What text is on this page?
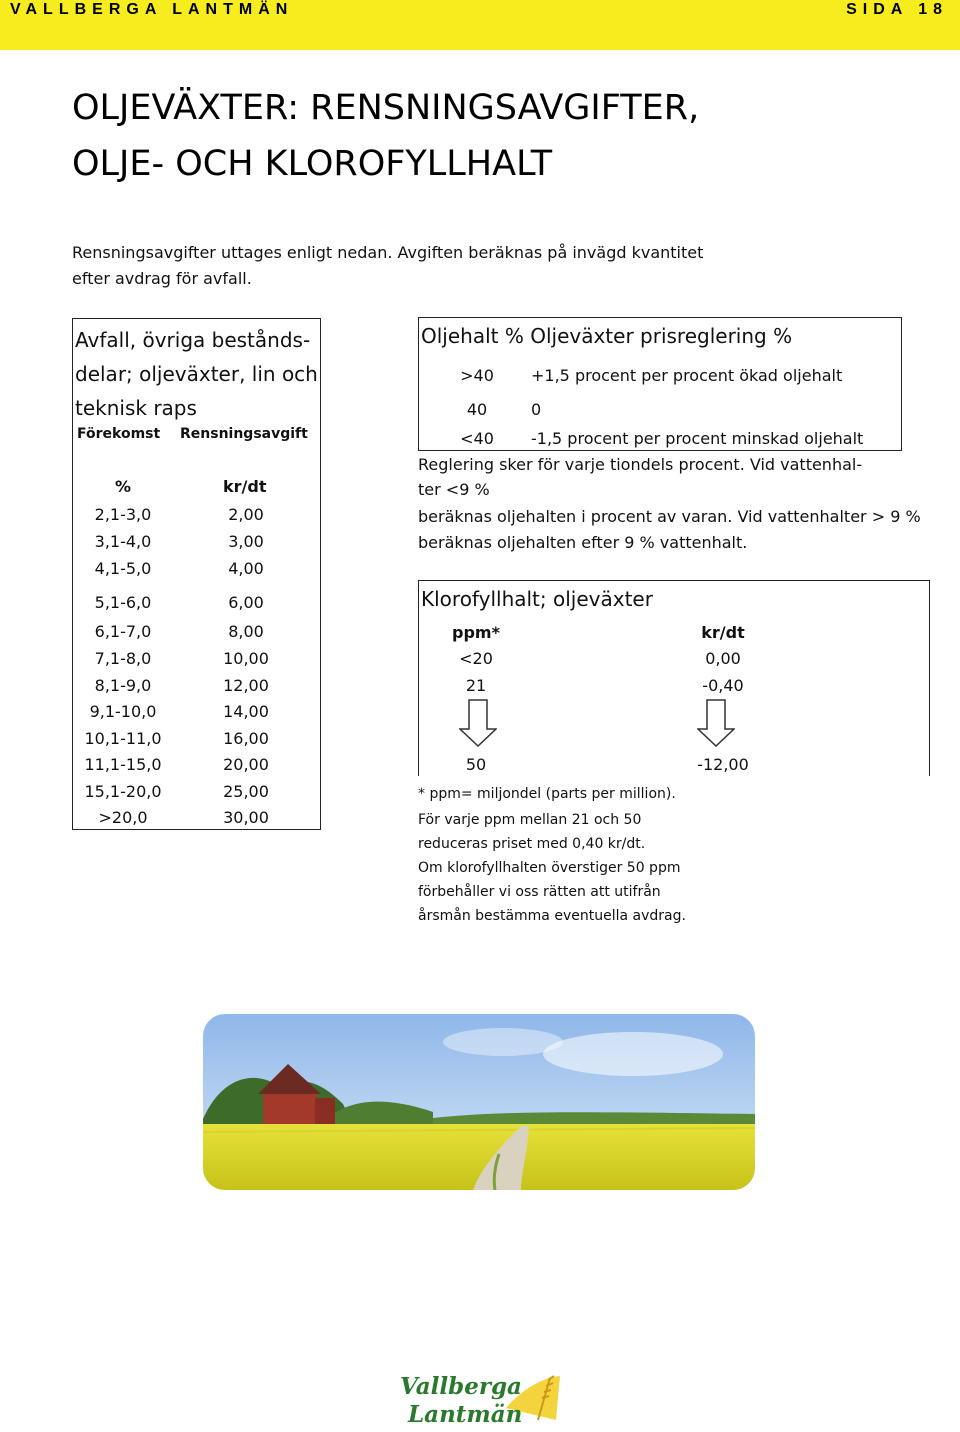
VALLBERGA LANTMÄN	SIDA 18
OLJEVÄXTER: RENSNINGSAVGIFTER,
OLJE- OCH KLOROFYLLHALT
Rensningsavgifter uttages enligt nedan. Avgiften beräknas på invägd kvantitet
efter avdrag för avfall.
Avfall, övriga bestånds-
delar; oljeväxter, lin och
teknisk raps
Förekomst Rensningsavgift
%	kr/dt
2,1-3,0	2,00
3,1-4,0	3,00
4,1-5,0	4,00
5,1-6,0	6,00
6,1-7,0	8,00
7,1-8,0	10,00
8,1-9,0	12,00
9,1-10,0	14,00
10,1-11,0	16,00
11,1-15,0	20,00
15,1-20,0	25,00
>20,0	30,00
Oljehalt % Oljeväxter prisreglering %
>40	+1,5 procent per procent ökad oljehalt
40	0
<40	-1,5 procent per procent minskad oljehalt
Reglering sker för varje tiondels procent. Vid vattenhal-
ter <9 %
beräknas oljehalten i procent av varan. Vid vattenhalter > 9 %
beräknas oljehalten efter 9 % vattenhalt.
Klorofyllhalt; oljeväxter
ppm*	kr/dt
<20	0,00
21	-0,40
50	-12,00
* ppm= miljondel (parts per million).
För varje ppm mellan 21 och 50
reduceras priset med 0,40 kr/dt.
Om klorofyllhalten överstiger 50 ppm
förbehåller vi oss rätten att utifrån
årsmån bestämma eventuella avdrag.
Vallberga
Lantmän
